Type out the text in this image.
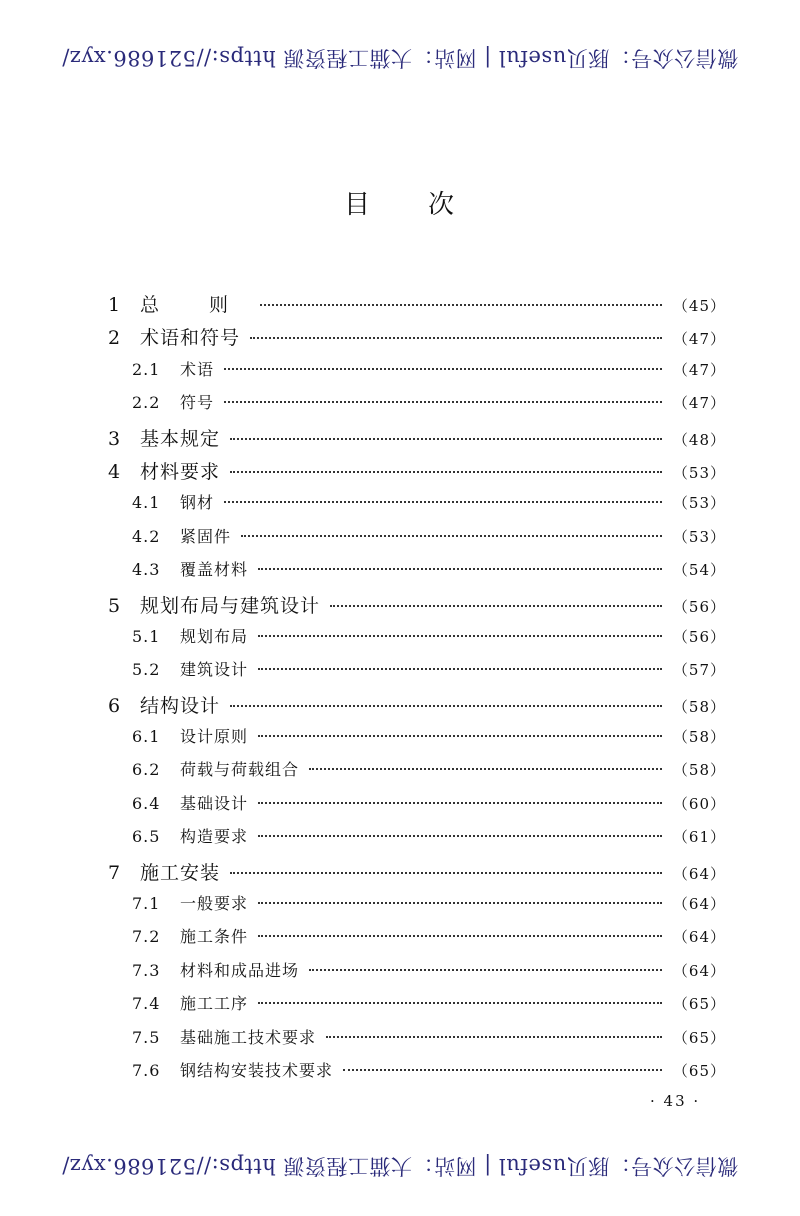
微信公众号：豚贝useful | 网站：大猫工程资源 https://521686.xyz/
目 次
1	总 则	（45）
2	术语和符号	（47）
2.1	术语	（47）
2.2	符号	（47）
3	基本规定	（48）
4	材料要求	（53）
4.1	钢材	（53）
4.2	紧固件	（53）
4.3	覆盖材料	（54）
5	规划布局与建筑设计	（56）
5.1	规划布局	（56）
5.2	建筑设计	（57）
6	结构设计	（58）
6.1	设计原则	（58）
6.2	荷载与荷载组合	（58）
6.4	基础设计	（60）
6.5	构造要求	（61）
7	施工安装	（64）
7.1	一般要求	（64）
7.2	施工条件	（64）
7.3	材料和成品进场	（64）
7.4	施工工序	（65）
7.5	基础施工技术要求	（65）
7.6	钢结构安装技术要求	（65）
· 43 ·
微信公众号：豚贝useful | 网站：大猫工程资源 https://521686.xyz/
